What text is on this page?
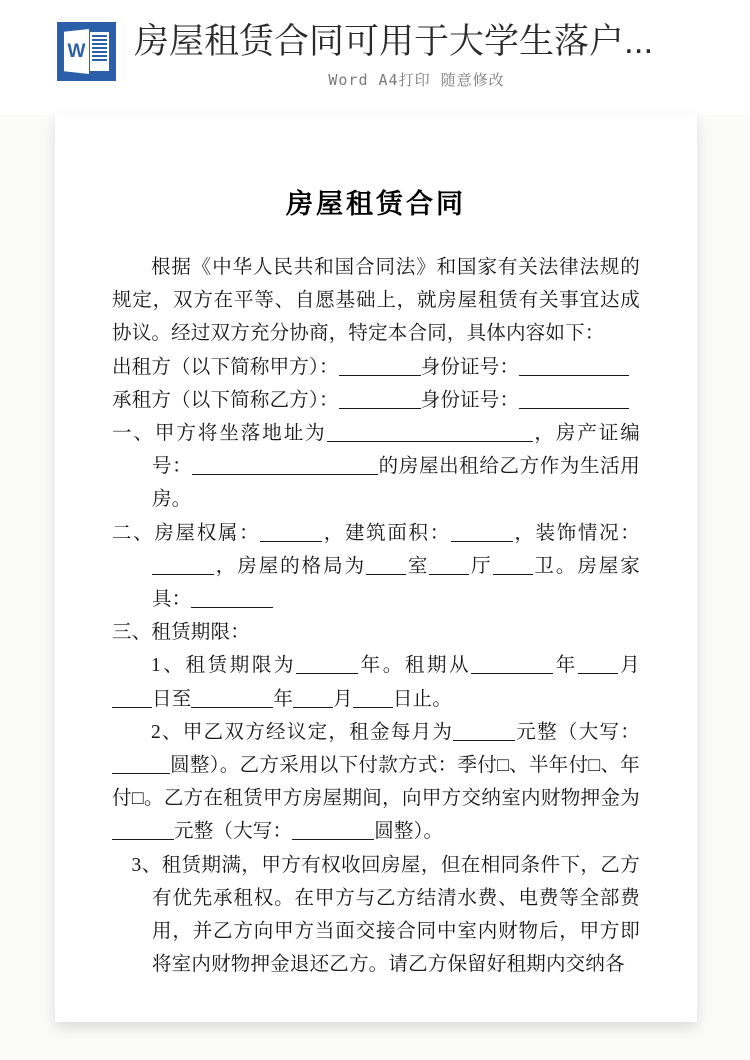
W 房屋租赁合同可用于大学生落户...
Word A4打印 随意修改
房屋租赁合同

根据《中华人民共和国合同法》和国家有关法律法规的规定，双方在平等、自愿基础上，就房屋租赁有关事宜达成协议。经过双方充分协商，特定本合同，具体内容如下：

出租方（以下简称甲方）：	身份证号：

承租方（以下简称乙方）：	身份证号：

一、甲方将坐落地址为	，房产证编号：	的房屋出租给乙方作为生活用房。

二、房屋权属：	，建筑面积：	，装饰情况：，房屋的格局为 室 厅 卫。房屋家具：

三、租赁期限：

1、租赁期限为	年。租期从	年 月日至	年 月 日止。

2、甲乙双方经议定，租金每月为	元整（大写：圆整）。乙方采用以下付款方式：季付□、半年付□、年付□。乙方在租赁甲方房屋期间，向甲方交纳室内财物押金为元整（大写：	圆整）。

3、租赁期满，甲方有权收回房屋，但在相同条件下，乙方有优先承租权。在甲方与乙方结清水费、电费等全部费用，并乙方向甲方当面交接合同中室内财物后，甲方即将室内财物押金退还乙方。请乙方保留好租期内交纳各
